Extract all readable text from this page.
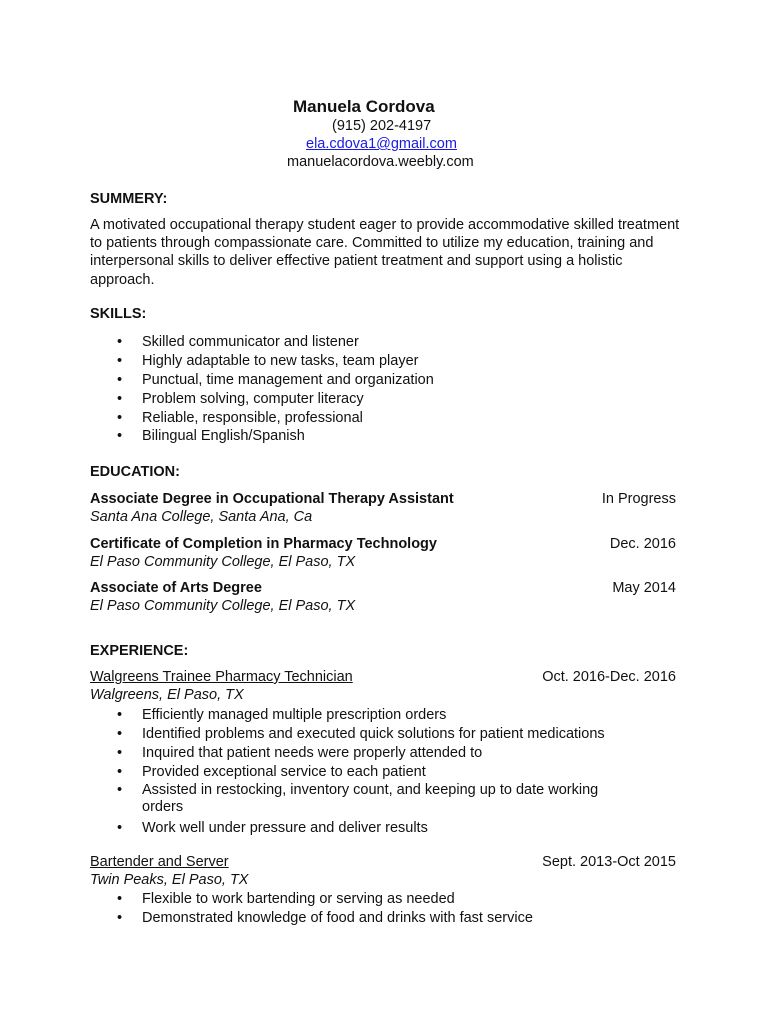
Manuela Cordova
(915) 202-4197
ela.cdova1@gmail.com
manuelacordova.weebly.com
SUMMERY:
A motivated occupational therapy student eager to provide accommodative skilled treatment to patients through compassionate care. Committed to utilize my education, training and interpersonal skills to deliver effective patient treatment and support using a holistic approach.
SKILLS:
• Skilled communicator and listener
• Highly adaptable to new tasks, team player
• Punctual, time management and organization
• Problem solving, computer literacy
• Reliable, responsible, professional
• Bilingual English/Spanish
EDUCATION:
Associate Degree in Occupational Therapy Assistant	In Progress
Santa Ana College, Santa Ana, Ca
Certificate of Completion in Pharmacy Technology	Dec. 2016
El Paso Community College, El Paso, TX
Associate of Arts Degree	May 2014
El Paso Community College, El Paso, TX
EXPERIENCE:
Walgreens Trainee Pharmacy Technician	Oct. 2016-Dec. 2016
Walgreens, El Paso, TX
• Efficiently managed multiple prescription orders
• Identified problems and executed quick solutions for patient medications
• Inquired that patient needs were properly attended to
• Provided exceptional service to each patient
• Assisted in restocking, inventory count, and keeping up to date working orders
• Work well under pressure and deliver results
Bartender and Server	Sept. 2013-Oct 2015
Twin Peaks, El Paso, TX
• Flexible to work bartending or serving as needed
• Demonstrated knowledge of food and drinks with fast service
